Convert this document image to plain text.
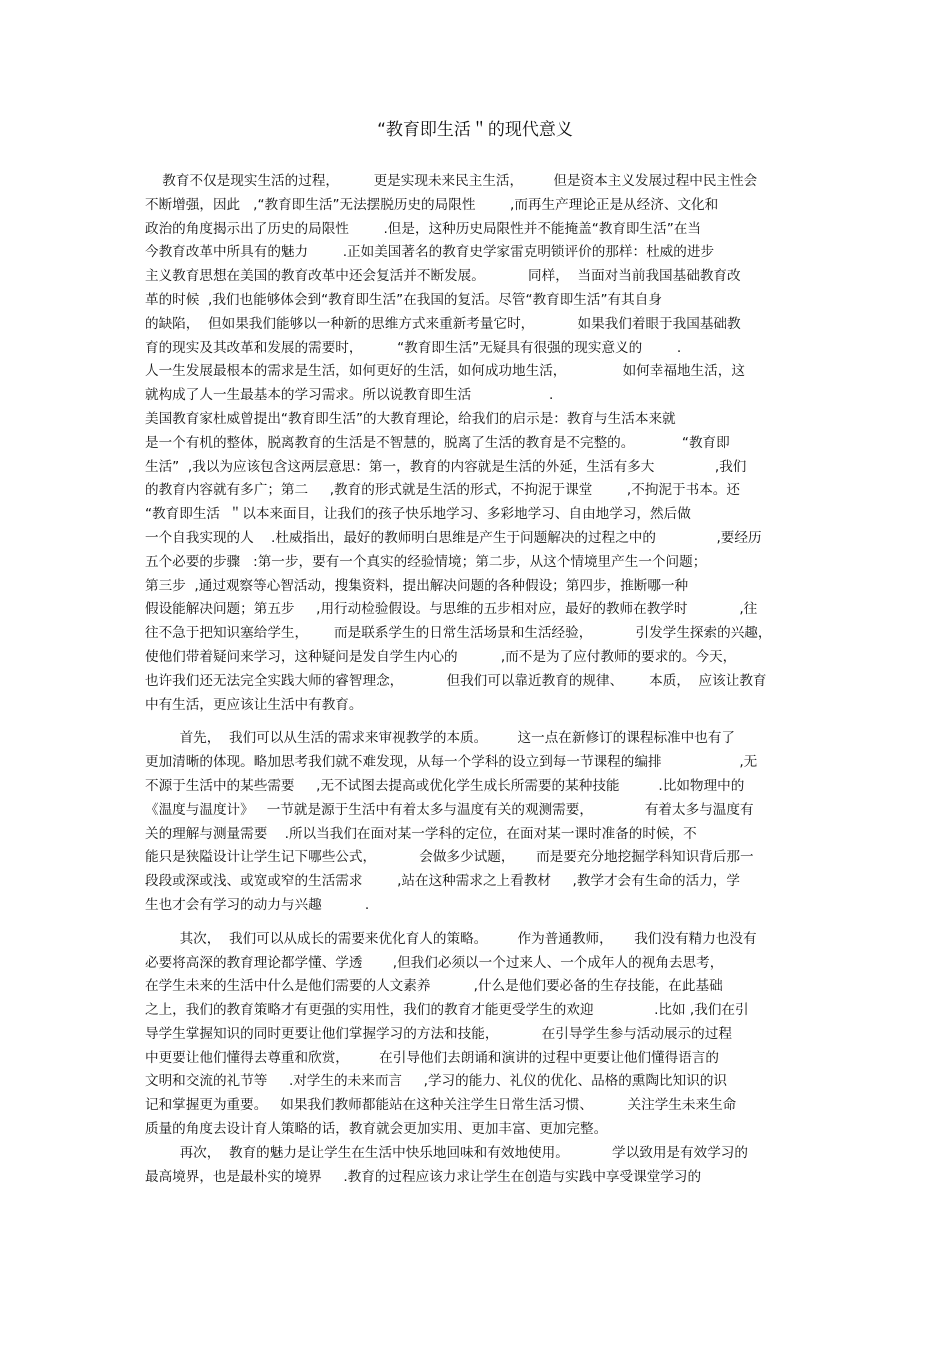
“教育即生活＂的现代意义
教育不仅是现实生活的过程，        更是实现未来民主生活，       但是资本主义发展过程中民主性会
不断增强，因此   ,“教育即生活”无法摆脱历史的局限性        ,而再生产理论正是从经济、文化和
政治的角度揭示出了历史的局限性        .但是，这种历史局限性并不能掩盖“教育即生活”在当
今教育改革中所具有的魅力        .正如美国著名的教育史学家雷克明锁评价的那样：杜威的进步
主义教育思想在美国的教育改革中还会复活并不断发展。          同样，  当面对当前我国基础教育改
革的时候  ,我们也能够体会到“教育即生活”在我国的复活。尽管“教育即生活”有其自身
的缺陷，  但如果我们能够以一种新的思维方式来重新考量它时，          如果我们着眼于我国基础教
育的现实及其改革和发展的需要时，        “教育即生活”无疑具有很强的现实意义的        .
人一生发展最根本的需求是生活，如何更好的生活，如何成功地生活，             如何幸福地生活，这
就构成了人一生最基本的学习需求。所以说教育即生活                  .
美国教育家杜威曾提出“教育即生活”的大教育理论，给我们的启示是：教育与生活本来就
是一个有机的整体，脱离教育的生活是不智慧的，脱离了生活的教育是不完整的。           “教育即
生活”  ,我以为应该包含这两层意思：第一，教育的内容就是生活的外延，生活有多大              ,我们
的教育内容就有多广；第二     ,教育的形式就是生活的形式，不拘泥于课堂        ,不拘泥于书本。还
“教育即生活  ＂以本来面目，让我们的孩子快乐地学习、多彩地学习、自由地学习，然后做
一个自我实现的人    .杜威指出，最好的教师明白思维是产生于问题解决的过程之中的              ,要经历
五个必要的步骤   :第一步，要有一个真实的经验情境；第二步，从这个情境里产生一个问题；
第三步  ,通过观察等心智活动，搜集资料，提出解决问题的各种假设；第四步，推断哪一种
假设能解决问题；第五步     ,用行动检验假设。与思维的五步相对应，最好的教师在教学时            ,往
往不急于把知识塞给学生，      而是联系学生的日常生活场景和生活经验，          引发学生探索的兴趣，
使他们带着疑问来学习，这种疑问是发自学生内心的          ,而不是为了应付教师的要求的。今天，
也许我们还无法完全实践大师的睿智理念，          但我们可以靠近教育的规律、      本质，  应该让教育
中有生活，更应该让生活中有教育。
首先，  我们可以从生活的需求来审视教学的本质。       这一点在新修订的课程标准中也有了
更加清晰的体现。略加思考我们就不难发现，从每一个学科的设立到每一节课程的编排                  ,无
不源于生活中的某些需要     ,无不试图去提高或优化学生成长所需要的某种技能         .比如物理中的
《温度与温度计》   一节就是源于生活中有着太多与温度有关的观测需要，            有着太多与温度有
关的理解与测量需要    .所以当我们在面对某一学科的定位，在面对某一课时准备的时候，不
能只是狭隘设计让学生记下哪些公式，          会做多少试题，     而是要充分地挖掘学科知识背后那一
段段或深或浅、或宽或窄的生活需求        ,站在这种需求之上看教材     ,教学才会有生命的活力，学
生也才会有学习的动力与兴趣          .
其次，  我们可以从成长的需要来优化育人的策略。       作为普通教师，     我们没有精力也没有
必要将高深的教育理论都学懂、学透       ,但我们必须以一个过来人、一个成年人的视角去思考，
在学生未来的生活中什么是他们需要的人文素养          ,什么是他们要必备的生存技能，在此基础
之上，我们的教育策略才有更强的实用性，我们的教育才能更受学生的欢迎              .比如 ,我们在引
导学生掌握知识的同时更要让他们掌握学习的方法和技能，          在引导学生参与活动展示的过程
中更要让他们懂得去尊重和欣赏，       在引导他们去朗诵和演讲的过程中更要让他们懂得语言的
文明和交流的礼节等     .对学生的未来而言     ,学习的能力、礼仪的优化、品格的熏陶比知识的识
记和掌握更为重要。   如果我们教师都能站在这种关注学生日常生活习惯、        关注学生未来生命
质量的角度去设计育人策略的话，教育就会更加实用、更加丰富、更加完整。
再次，  教育的魅力是让学生在生活中快乐地回味和有效地使用。          学以致用是有效学习的
最高境界，也是最朴实的境界     .教育的过程应该力求让学生在创造与实践中享受课堂学习的
